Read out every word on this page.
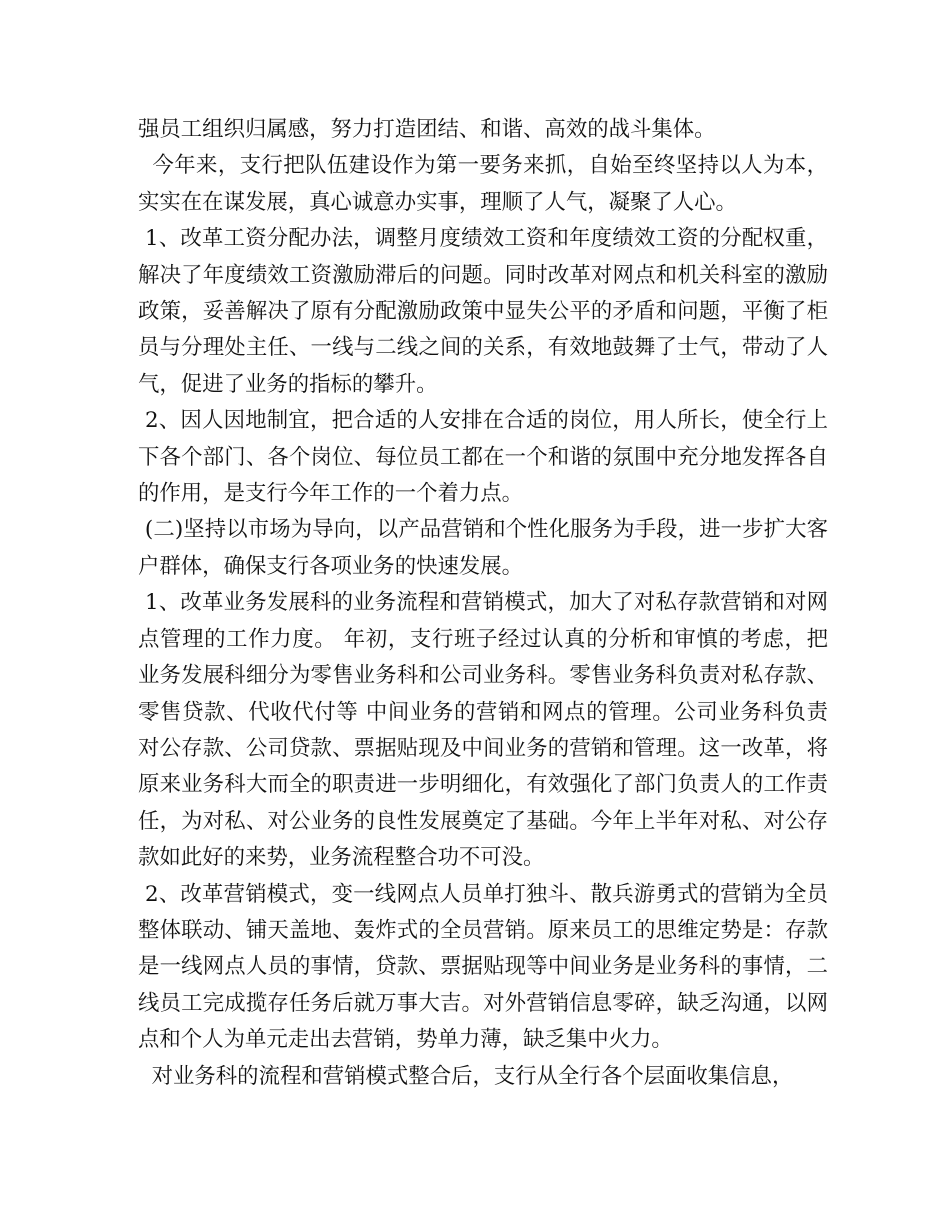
强员工组织归属感，努力打造团结、和谐、高效的战斗集体。

今年来，支行把队伍建设作为第一要务来抓，自始至终坚持以人为本，实实在在谋发展，真心诚意办实事，理顺了人气，凝聚了人心。

1、改革工资分配办法，调整月度绩效工资和年度绩效工资的分配权重，解决了年度绩效工资激励滞后的问题。同时改革对网点和机关科室的激励政策，妥善解决了原有分配激励政策中显失公平的矛盾和问题，平衡了柜员与分理处主任、一线与二线之间的关系，有效地鼓舞了士气，带动了人气，促进了业务的指标的攀升。

2、因人因地制宜，把合适的人安排在合适的岗位，用人所长，使全行上下各个部门、各个岗位、每位员工都在一个和谐的氛围中充分地发挥各自的作用，是支行今年工作的一个着力点。

(二)坚持以市场为导向，以产品营销和个性化服务为手段，进一步扩大客户群体，确保支行各项业务的快速发展。

1、改革业务发展科的业务流程和营销模式，加大了对私存款营销和对网点管理的工作力度。 年初，支行班子经过认真的分析和审慎的考虑，把业务发展科细分为零售业务科和公司业务科。零售业务科负责对私存款、零售贷款、代收代付等 中间业务的营销和网点的管理。公司业务科负责对公存款、公司贷款、票据贴现及中间业务的营销和管理。这一改革，将原来业务科大而全的职责进一步明细化，有效强化了部门负责人的工作责任，为对私、对公业务的良性发展奠定了基础。今年上半年对私、对公存款如此好的来势，业务流程整合功不可没。

2、改革营销模式，变一线网点人员单打独斗、散兵游勇式的营销为全员整体联动、铺天盖地、轰炸式的全员营销。原来员工的思维定势是：存款是一线网点人员的事情，贷款、票据贴现等中间业务是业务科的事情，二线员工完成揽存任务后就万事大吉。对外营销信息零碎，缺乏沟通，以网点和个人为单元走出去营销，势单力薄，缺乏集中火力。

对业务科的流程和营销模式整合后，支行从全行各个层面收集信息，
